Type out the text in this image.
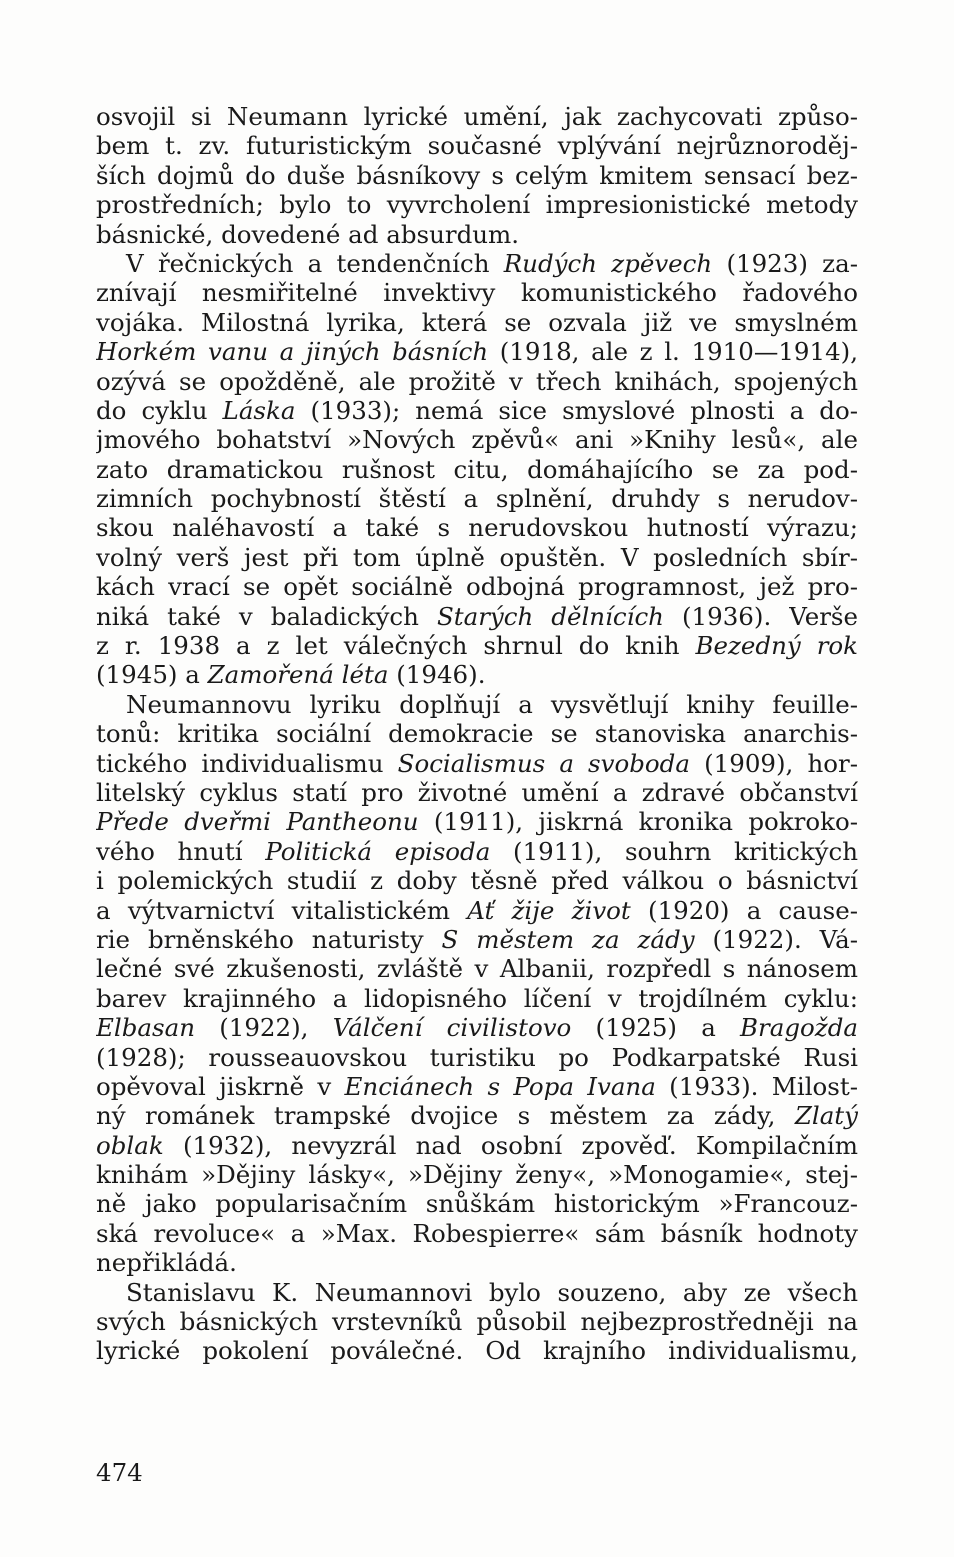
osvojil si Neumann lyrické umění, jak zachycovati způso-
bem t. zv. futuristickým současné vplývání nejrůznoroděj-
ších dojmů do duše básníkovy s celým kmitem sensací bez-
prostředních; bylo to vyvrcholení impresionistické metody
básnické, dovedené ad absurdum.
V řečnických a tendenčních Rudých zpěvech (1923) za-
znívají nesmiřitelné invektivy komunistického řadového
vojáka. Milostná lyrika, která se ozvala již ve smyslném
Horkém vanu a jiných básních (1918, ale z l. 1910—1914),
ozývá se opožděně, ale prožitě v třech knihách, spojených
do cyklu Láska (1933); nemá sice smyslové plnosti a do-
jmového bohatství »Nových zpěvů« ani »Knihy lesů«, ale
zato dramatickou rušnost citu, domáhajícího se za pod-
zimních pochybností štěstí a splnění, druhdy s nerudov-
skou naléhavostí a také s nerudovskou hutností výrazu;
volný verš jest při tom úplně opuštěn. V posledních sbír-
kách vrací se opět sociálně odbojná programnost, jež pro-
niká také v baladických Starých dělnících (1936). Verše
z r. 1938 a z let válečných shrnul do knih Bezedný rok
(1945) a Zamořená léta (1946).
Neumannovu lyriku doplňují a vysvětlují knihy feuille-
tonů: kritika sociální demokracie se stanoviska anarchis-
tického individualismu Socialismus a svoboda (1909), hor-
litelský cyklus statí pro životné umění a zdravé občanství
Přede dveřmi Pantheonu (1911), jiskrná kronika pokroko-
vého hnutí Politická episoda (1911), souhrn kritických
i polemických studií z doby těsně před válkou o básnictví
a výtvarnictví vitalistickém Ať žije život (1920) a cause-
rie brněnského naturisty S městem za zády (1922). Vá-
lečné své zkušenosti, zvláště v Albanii, rozpředl s nánosem
barev krajinného a lidopisného líčení v trojdílném cyklu:
Elbasan (1922), Válčení civilistovo (1925) a Bragožda
(1928); rousseauovskou turistiku po Podkarpatské Rusi
opěvoval jiskrně v Enciánech s Popa Ivana (1933). Milost-
ný románek trampské dvojice s městem za zády, Zlatý
oblak (1932), nevyzrál nad osobní zpověď. Kompilačním
knihám »Dějiny lásky«, »Dějiny ženy«, »Monogamie«, stej-
ně jako popularisačním snůškám historickým »Francouz-
ská revoluce« a »Max. Robespierre« sám básník hodnoty
nepřikládá.
Stanislavu K. Neumannovi bylo souzeno, aby ze všech
svých básnických vrstevníků působil nejbezprostředněji na
lyrické pokolení poválečné. Od krajního individualismu,
474
